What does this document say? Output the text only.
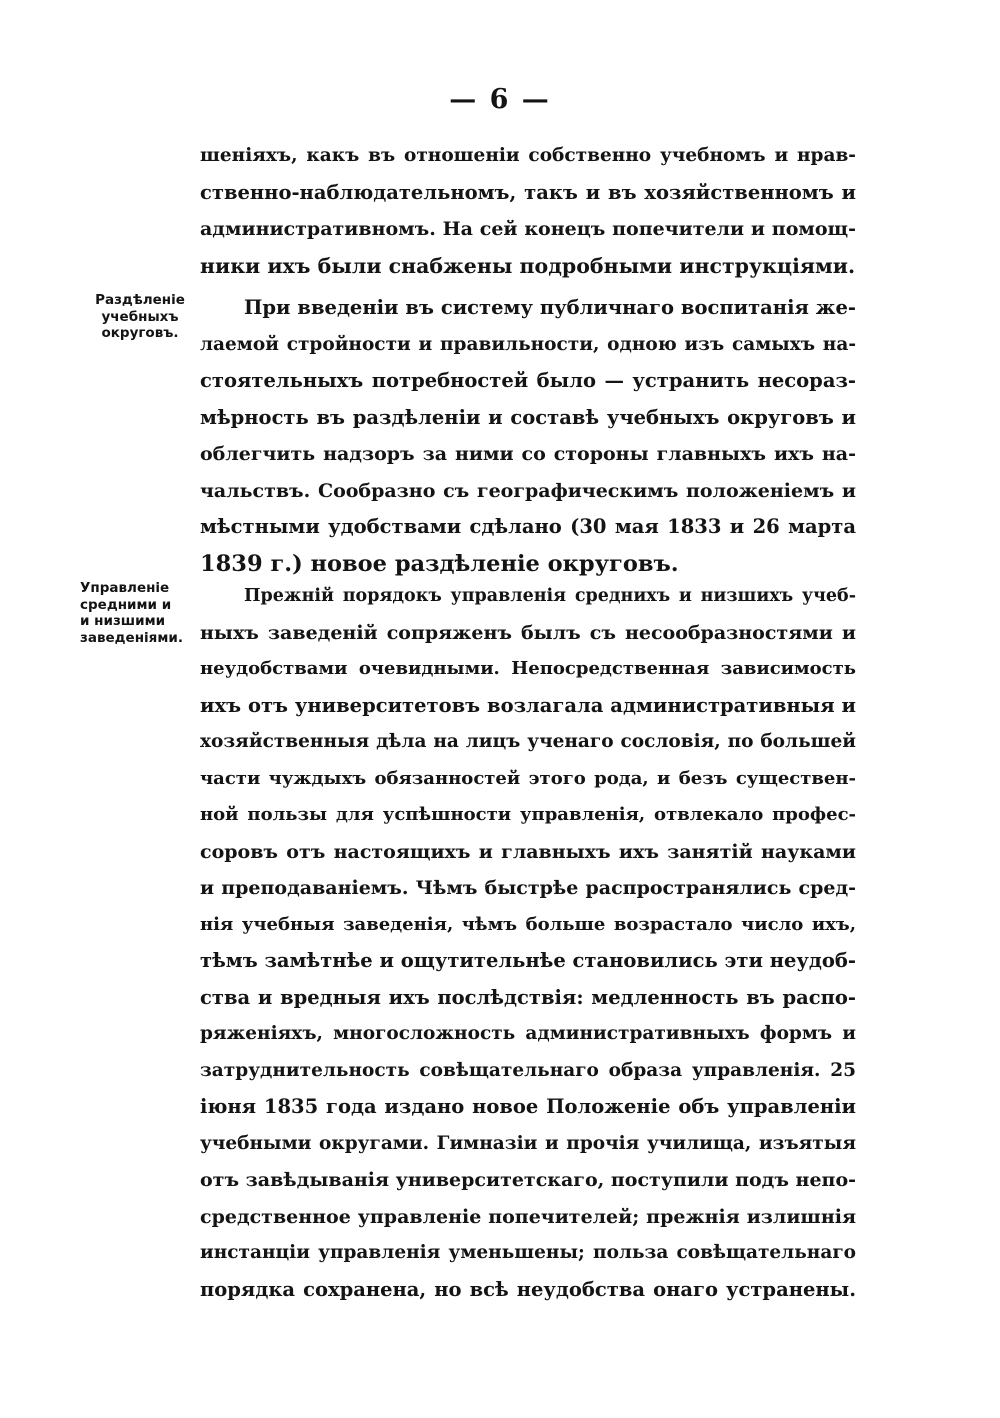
— 6 —
шенiяхъ, какъ въ отношенiи собственно учебномъ и нрав-
ственно-наблюдательномъ, такъ и въ хозяйственномъ и
административномъ. На сей конецъ попечители и помощ-
ники ихъ были снабжены подробными инструкцiями.
Раздѣленiе
учебныхъ
округовъ.
При введенiи въ систему публичнаго воспитанiя же-
лаемой стройности и правильности, одною изъ самыхъ на-
стоятельныхъ потребностей было — устранить несораз-
мѣрность въ раздѣленiи и составѣ учебныхъ округовъ и
облегчить надзоръ за ними со стороны главныхъ ихъ на-
чальствъ. Сообразно съ географическимъ положенiемъ и
мѣстными удобствами сдѣлано (30 мая 1833 и 26 марта
1839 г.) новое раздѣленiе округовъ.
Управленiе
средними и
и низшими
заведенiями.
Прежнiй порядокъ управленiя среднихъ и низшихъ учеб-
ныхъ заведенiй сопряженъ былъ съ несообразностями и
неудобствами очевидными. Непосредственная зависимость
ихъ отъ университетовъ возлагала административныя и
хозяйственныя дѣла на лицъ ученаго сословiя, по большей
части чуждыхъ обязанностей этого рода, и безъ существен-
ной пользы для успѣшности управленiя, отвлекало профес-
соровъ отъ настоящихъ и главныхъ ихъ занятiй науками
и преподаванiемъ. Чѣмъ быстрѣе распространялись сред-
нiя учебныя заведенiя, чѣмъ больше возрастало число ихъ,
тѣмъ замѣтнѣе и ощутительнѣе становились эти неудоб-
ства и вредныя ихъ послѣдствiя: медленность въ распо-
ряженiяхъ, многосложность административныхъ формъ и
затруднительность совѣщательнаго образа управленiя. 25
iюня 1835 года издано новое Положенiе объ управленiи
учебными округами. Гимназiи и прочiя училища, изъятыя
отъ завѣдыванiя университетскаго, поступили подъ непо-
средственное управленiе попечителей; прежнiя излишнiя
инстанцiи управленiя уменьшены; польза совѣщательнаго
порядка сохранена, но всѣ неудобства онаго устранены.
